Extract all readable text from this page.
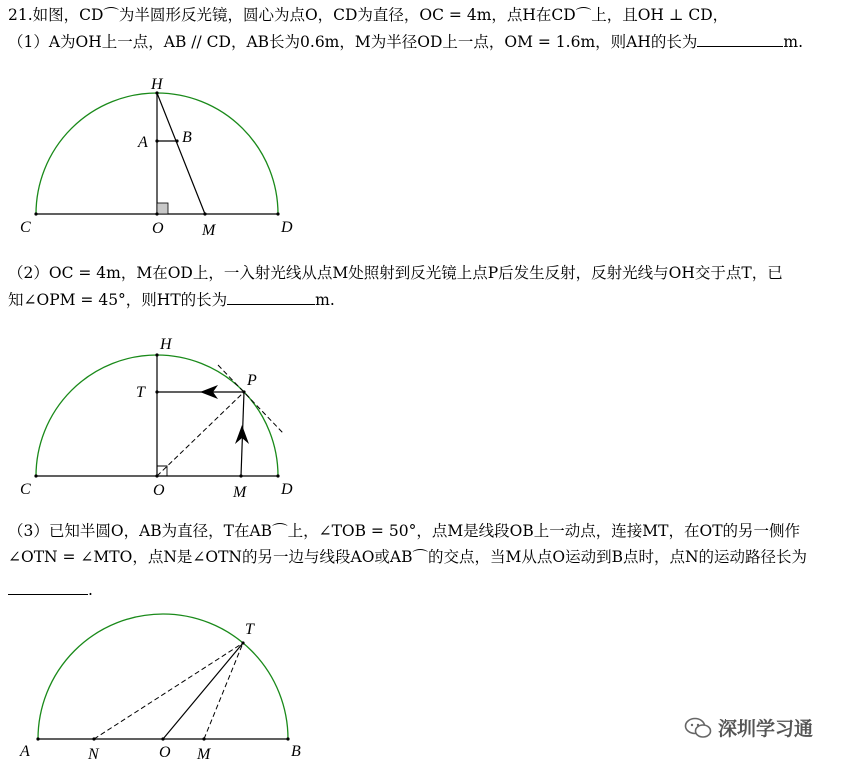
21.如图，CD⌒为半圆形反光镜，圆心为点O，CD为直径，OC = 4m，点H在CD⌒上，且OH ⊥ CD，
（1）A为OH上一点，AB // CD，AB长为0.6m，M为半径OD上一点，OM = 1.6m，则AH的长为	m.
（2）OC = 4m，M在OD上，一入射光线从点M处照射到反光镜上点P后发生反射，反射光线与OH交于点T，已
知∠OPM = 45°，则HT的长为	m.
（3）已知半圆O，AB为直径，T在AB⌒上，∠TOB = 50°，点M是线段OB上一动点，连接MT，在OT的另一侧作
∠OTN = ∠MTO，点N是∠OTN的另一边与线段AO或AB⌒的交点，当M从点O运动到B点时，点N的运动路径长为
.
H
A B
C	O M	D
H
T
P
C	O	M D
T
A	N	O M	B
深圳学习通
